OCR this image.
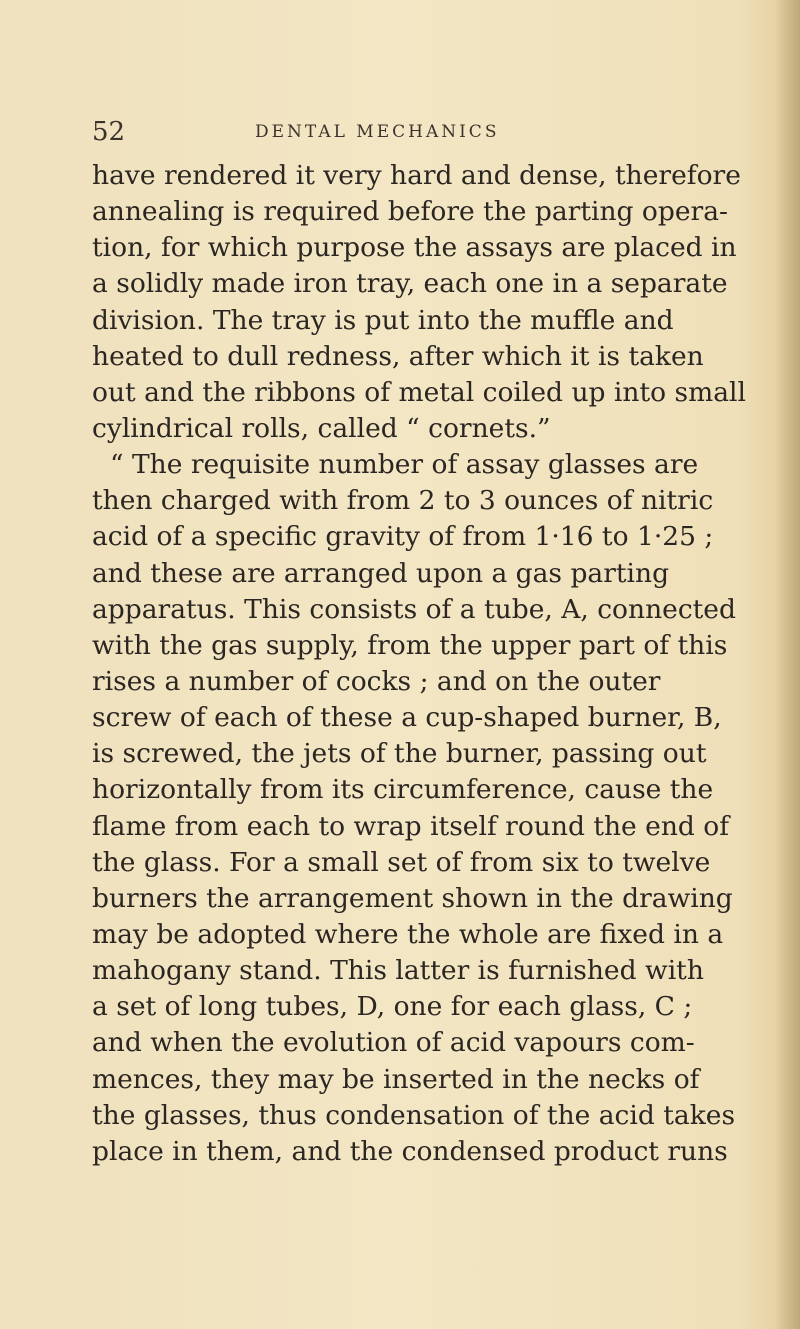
52	DENTAL MECHANICS
have rendered it very hard and dense, therefore
annealing is required before the parting opera-
tion, for which purpose the assays are placed in
a solidly made iron tray, each one in a separate
division. The tray is put into the muffle and
heated to dull redness, after which it is taken
out and the ribbons of metal coiled up into small
cylindrical rolls, called “ cornets.”
“ The requisite number of assay glasses are
then charged with from 2 to 3 ounces of nitric
acid of a specific gravity of from 1·16 to 1·25 ;
and these are arranged upon a gas parting
apparatus. This consists of a tube, A, connected
with the gas supply, from the upper part of this
rises a number of cocks ; and on the outer
screw of each of these a cup-shaped burner, B,
is screwed, the jets of the burner, passing out
horizontally from its circumference, cause the
flame from each to wrap itself round the end of
the glass. For a small set of from six to twelve
burners the arrangement shown in the drawing
may be adopted where the whole are fixed in a
mahogany stand. This latter is furnished with
a set of long tubes, D, one for each glass, C ;
and when the evolution of acid vapours com-
mences, they may be inserted in the necks of
the glasses, thus condensation of the acid takes
place in them, and the condensed product runs
